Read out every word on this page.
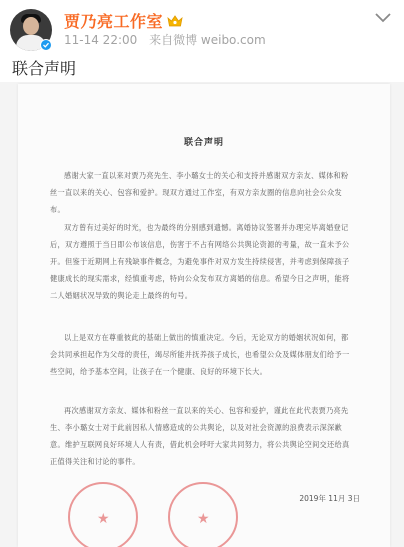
贾乃亮工作室
11-14 22:00 来自微博 weibo.com
联合声明
联合声明
感谢大家一直以来对贾乃亮先生、李小璐女士的关心和支持并感谢双方亲友、媒体和粉丝一直以来的关心、包容和爱护。现双方通过工作室，有双方亲友圈的信息向社会公众发布。
双方曾有过美好的时光，也为最终的分别感到遗憾。离婚协议签署并办理完毕离婚登记后，双方遵照于当日即公布该信息，伤害于不占有网络公共舆论资源的考量，故一直未予公开。但鉴于近期网上有残缺事件概念，为避免事件对双方发生持续侵害，并考虑到保障孩子健康成长的现实需求，经慎重考虑，特向公众发布双方离婚的信息。希望今日之声明，能将二人婚姻状况导致的舆论走上最终的句号。
以上是双方在尊重彼此的基础上做出的慎重决定。今后，无论双方的婚姻状况如何，都会共同承担起作为父母的责任，竭尽所能并抚养孩子成长，也希望公众及媒体朋友们给予一些空间，给予基本空间，让孩子在一个健康、良好的环境下长大。
再次感谢双方亲友、媒体和粉丝一直以来的关心、包容和爱护，谨此在此代表贾乃亮先生、李小璐女士对于此前因私人情感造成的公共舆论，以及对社会资源的浪费表示深深歉意。维护互联网良好环境人人有责，借此机会呼吁大家共同努力，将公共舆论空间交还给真正值得关注和讨论的事件。
2019年 11月 3日
★	★
